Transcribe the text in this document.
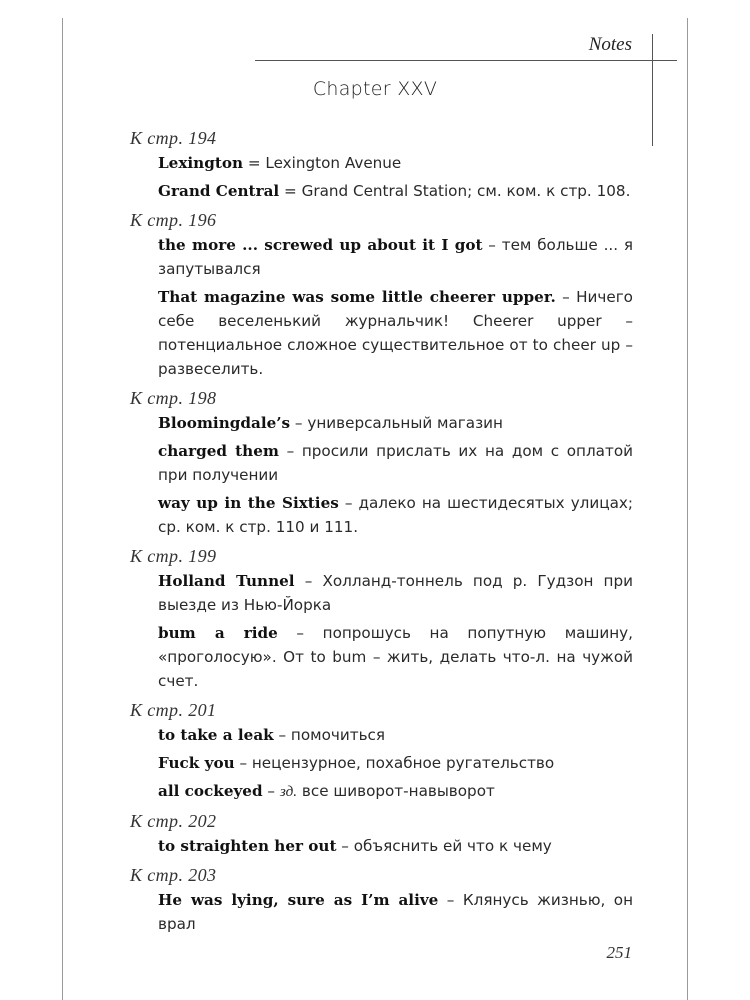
Notes
Chapter XXV
К стр. 194
Lexington = Lexington Avenue
Grand Central = Grand Central Station; см. ком. к стр. 108.
К стр. 196
the more ... screwed up about it I got – тем больше ... я запутывался
That magazine was some little cheerer upper. – Ничего себе веселенький журнальчик! Cheerer upper – потенциальное сложное существительное от to cheer up – развеселить.
К стр. 198
Bloomingdale’s – универсальный магазин
charged them – просили прислать их на дом с оплатой при получении
way up in the Sixties – далеко на шестидесятых улицах; ср. ком. к стр. 110 и 111.
К стр. 199
Holland Tunnel – Холланд-тоннель под р. Гудзон при выезде из Нью-Йорка
bum a ride – попрошусь на попутную машину, «проголосую». От to bum – жить, делать что-л. на чужой счет.
К стр. 201
to take a leak – помочиться
Fuck you – нецензурное, похабное ругательство
all cockeyed – зд. все шиворот-навыворот
К стр. 202
to straighten her out – объяснить ей что к чему
К стр. 203
He was lying, sure as I’m alive – Клянусь жизнью, он врал
251
